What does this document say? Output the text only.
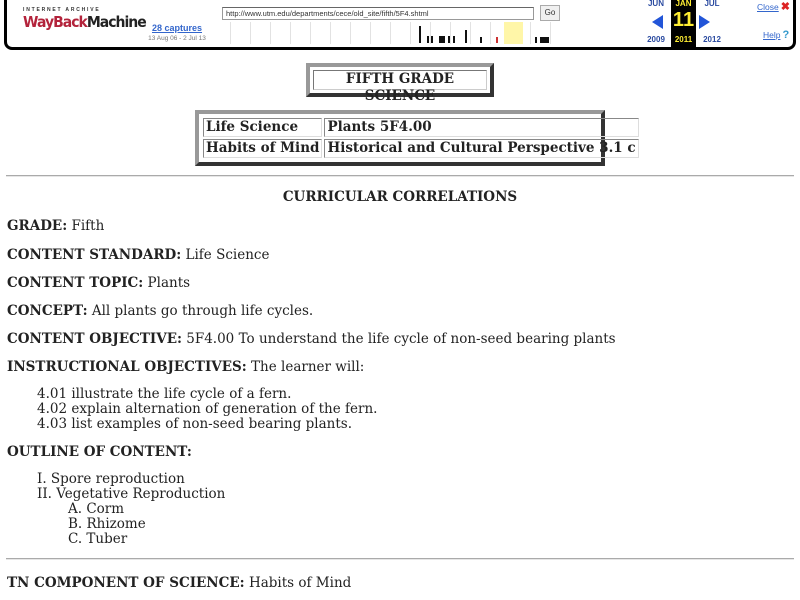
INTERNET ARCHIVE
WayBackMachine 28 captures
13 Aug 06 - 2 Jul 13
http://www.utm.edu/departments/cece/old_site/fifth/5F4.shtml	Go
JUN
2009
JAN
11
2011
JUL
2012
Close ✖
Help ?
FIFTH GRADE SCIENCE
Life Science	Plants 5F4.00
Habits of Mind	Historical and Cultural Perspective 3.1 c
CURRICULAR CORRELATIONS
GRADE: Fifth
CONTENT STANDARD: Life Science
CONTENT TOPIC: Plants
CONCEPT: All plants go through life cycles.
CONTENT OBJECTIVE: 5F4.00 To understand the life cycle of non-seed bearing plants
INSTRUCTIONAL OBJECTIVES: The learner will:
4.01 illustrate the life cycle of a fern.
4.02 explain alternation of generation of the fern.
4.03 list examples of non-seed bearing plants.
OUTLINE OF CONTENT:
I. Spore reproduction
II. Vegetative Reproduction
A. Corm
B. Rhizome
C. Tuber
TN COMPONENT OF SCIENCE: Habits of Mind
